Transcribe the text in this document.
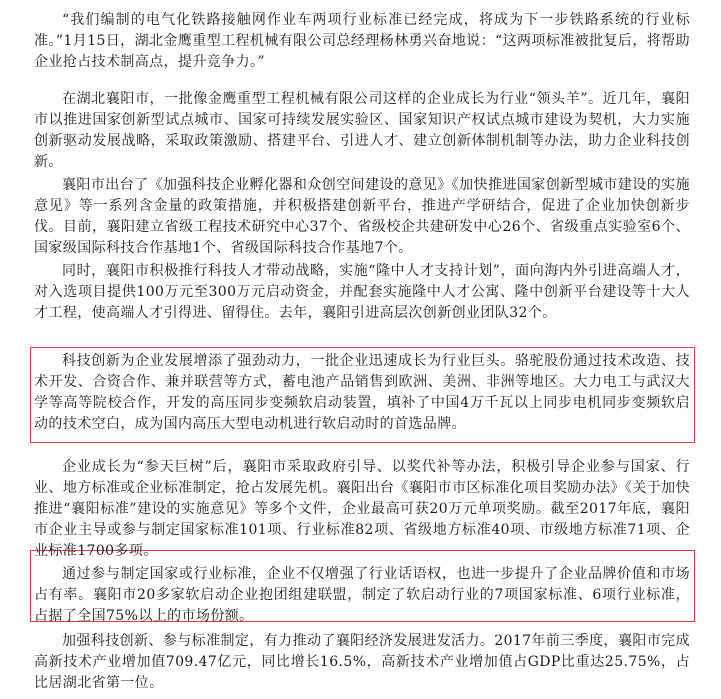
“我们编制的电气化铁路接触网作业车两项行业标准已经完成，将成为下一步铁路系统的行业标准。”1月15日，湖北金鹰重型工程机械有限公司总经理杨林勇兴奋地说：“这两项标准被批复后，将帮助企业抢占技术制高点，提升竞争力。”

在湖北襄阳市，一批像金鹰重型工程机械有限公司这样的企业成长为行业“领头羊”。近几年，襄阳市以推进国家创新型试点城市、国家可持续发展实验区、国家知识产权试点城市建设为契机，大力实施创新驱动发展战略，采取政策激励、搭建平台、引进人才、建立创新体制机制等办法，助力企业科技创新。

襄阳市出台了《加强科技企业孵化器和众创空间建设的意见》《加快推进国家创新型城市建设的实施意见》等一系列含金量的政策措施，并积极搭建创新平台，推进产学研结合，促进了企业加快创新步伐。目前，襄阳建立省级工程技术研究中心37个、省级校企共建研发中心26个、省级重点实验室6个、国家级国际科技合作基地1个、省级国际科技合作基地7个。

同时，襄阳市积极推行科技人才带动战略，实施“隆中人才支持计划”，面向海内外引进高端人才，对入选项目提供100万元至300万元启动资金，并配套实施隆中人才公寓、隆中创新平台建设等十大人才工程，使高端人才引得进、留得住。去年，襄阳引进高层次创新创业团队32个。

科技创新为企业发展增添了强劲动力，一批企业迅速成长为行业巨头。骆驼股份通过技术改造、技术开发、合资合作、兼并联营等方式，蓄电池产品销售到欧洲、美洲、非洲等地区。大力电工与武汉大学等高等院校合作，开发的高压同步变频软启动装置，填补了中国4万千瓦以上同步电机同步变频软启动的技术空白，成为国内高压大型电动机进行软启动时的首选品牌。

企业成长为“参天巨树”后，襄阳市采取政府引导、以奖代补等办法，积极引导企业参与国家、行业、地方标准或企业标准制定，抢占发展先机。襄阳出台《襄阳市市区标准化项目奖励办法》《关于加快推进“襄阳标准”建设的实施意见》等多个文件，企业最高可获20万元单项奖励。截至2017年底，襄阳市企业主导或参与制定国家标准101项、行业标准82项、省级地方标准40项、市级地方标准71项、企业标准1700多项。

通过参与制定国家或行业标准，企业不仅增强了行业话语权，也进一步提升了企业品牌价值和市场占有率。襄阳市20多家软启动企业抱团组建联盟，制定了软启动行业的7项国家标准、6项行业标准，占据了全国75%以上的市场份额。

加强科技创新、参与标准制定，有力推动了襄阳经济发展进发活力。2017年前三季度，襄阳市完成高新技术产业增加值709.47亿元，同比增长16.5%，高新技术产业增加值占GDP比重达25.75%，占比居湖北省第一位。
